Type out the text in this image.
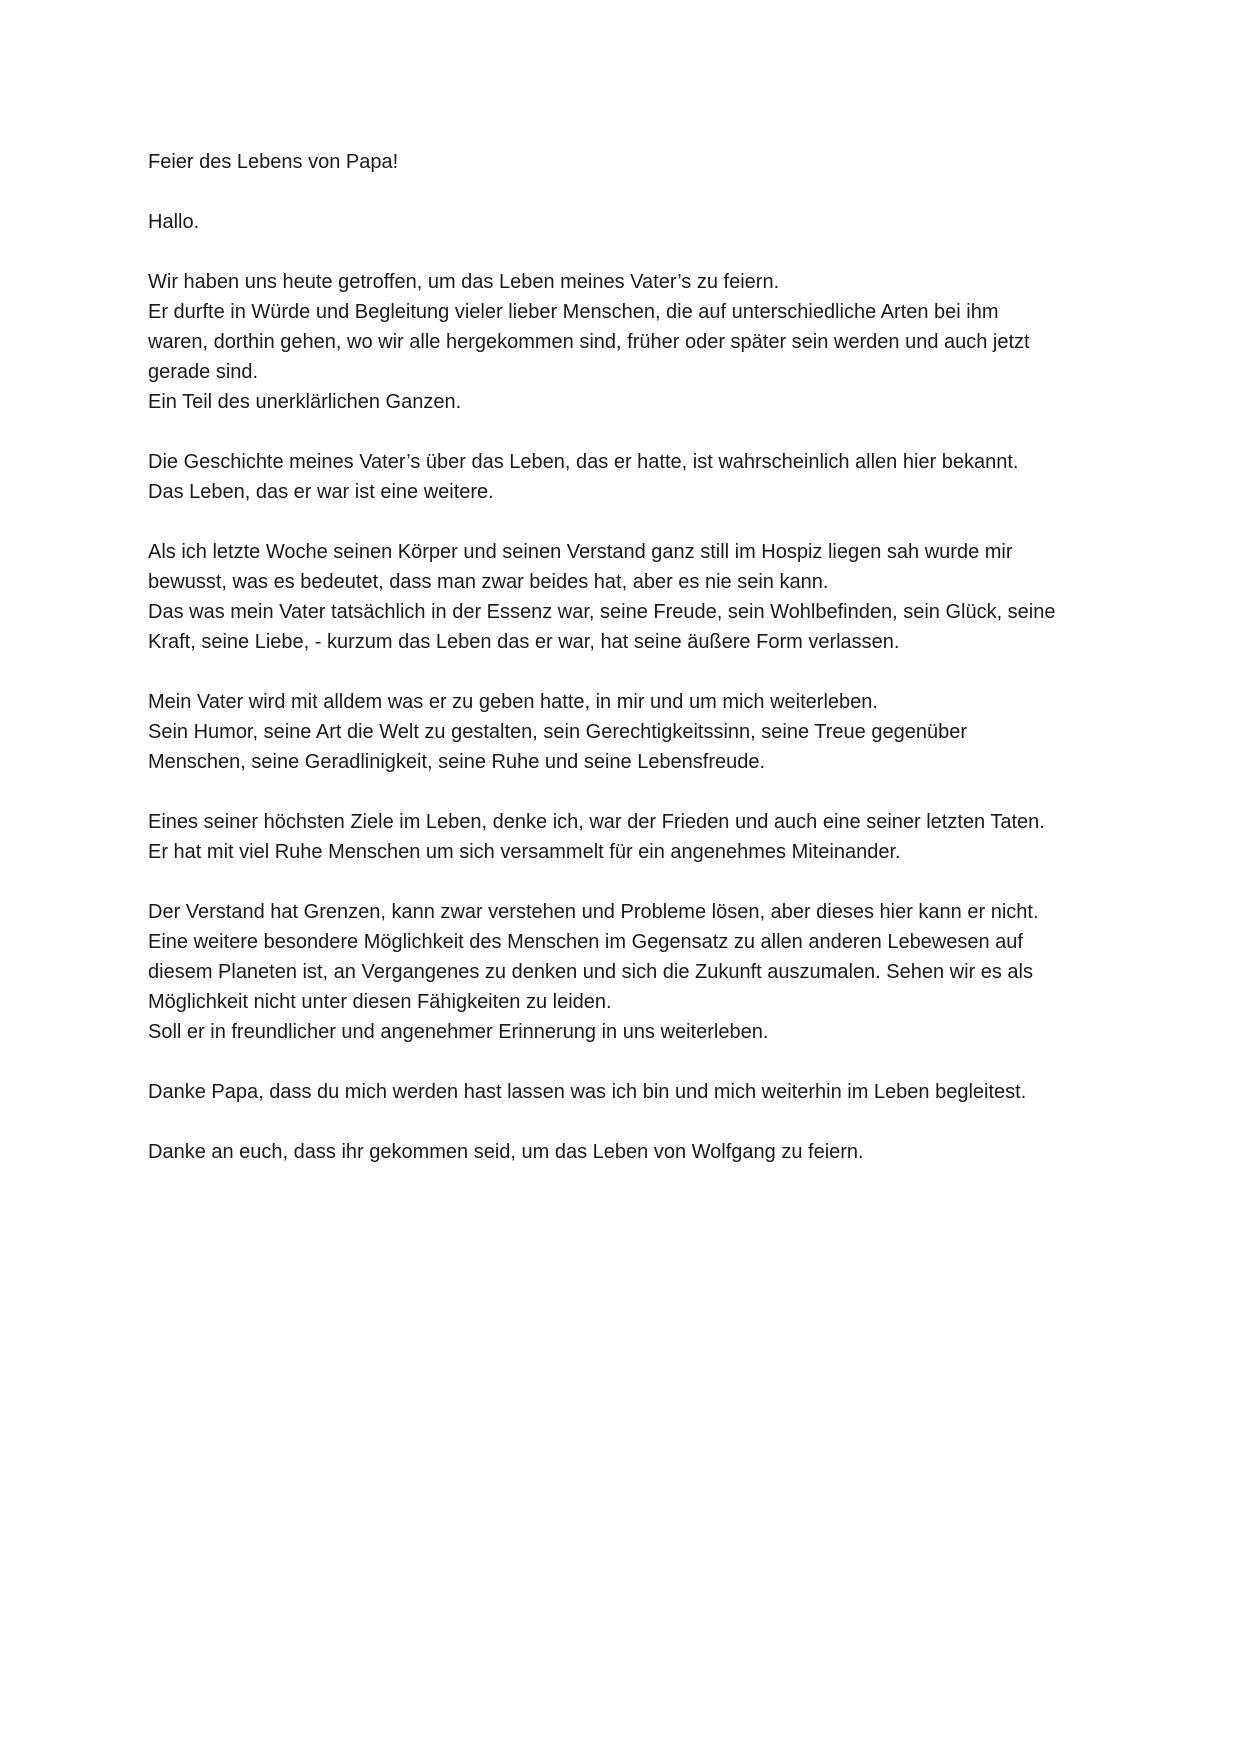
Feier des Lebens von Papa!
Hallo.
Wir haben uns heute getroffen, um das Leben meines Vater’s zu feiern.
Er durfte in Würde und Begleitung vieler lieber Menschen, die auf unterschiedliche Arten bei ihm
waren, dorthin gehen, wo wir alle hergekommen sind, früher oder später sein werden und auch jetzt
gerade sind.
Ein Teil des unerklärlichen Ganzen.
Die Geschichte meines Vater’s über das Leben, das er hatte, ist wahrscheinlich allen hier bekannt.
Das Leben, das er war ist eine weitere.
Als ich letzte Woche seinen Körper und seinen Verstand ganz still im Hospiz liegen sah wurde mir
bewusst, was es bedeutet, dass man zwar beides hat, aber es nie sein kann.
Das was mein Vater tatsächlich in der Essenz war, seine Freude, sein Wohlbefinden, sein Glück, seine
Kraft, seine Liebe, - kurzum das Leben das er war, hat seine äußere Form verlassen.
Mein Vater wird mit alldem was er zu geben hatte, in mir und um mich weiterleben.
Sein Humor, seine Art die Welt zu gestalten, sein Gerechtigkeitssinn, seine Treue gegenüber
Menschen, seine Geradlinigkeit, seine Ruhe und seine Lebensfreude.
Eines seiner höchsten Ziele im Leben, denke ich, war der Frieden und auch eine seiner letzten Taten.
Er hat mit viel Ruhe Menschen um sich versammelt für ein angenehmes Miteinander.
Der Verstand hat Grenzen, kann zwar verstehen und Probleme lösen, aber dieses hier kann er nicht.
Eine weitere besondere Möglichkeit des Menschen im Gegensatz zu allen anderen Lebewesen auf
diesem Planeten ist, an Vergangenes zu denken und sich die Zukunft auszumalen. Sehen wir es als
Möglichkeit nicht unter diesen Fähigkeiten zu leiden.
Soll er in freundlicher und angenehmer Erinnerung in uns weiterleben.
Danke Papa, dass du mich werden hast lassen was ich bin und mich weiterhin im Leben begleitest.
Danke an euch, dass ihr gekommen seid, um das Leben von Wolfgang zu feiern.
